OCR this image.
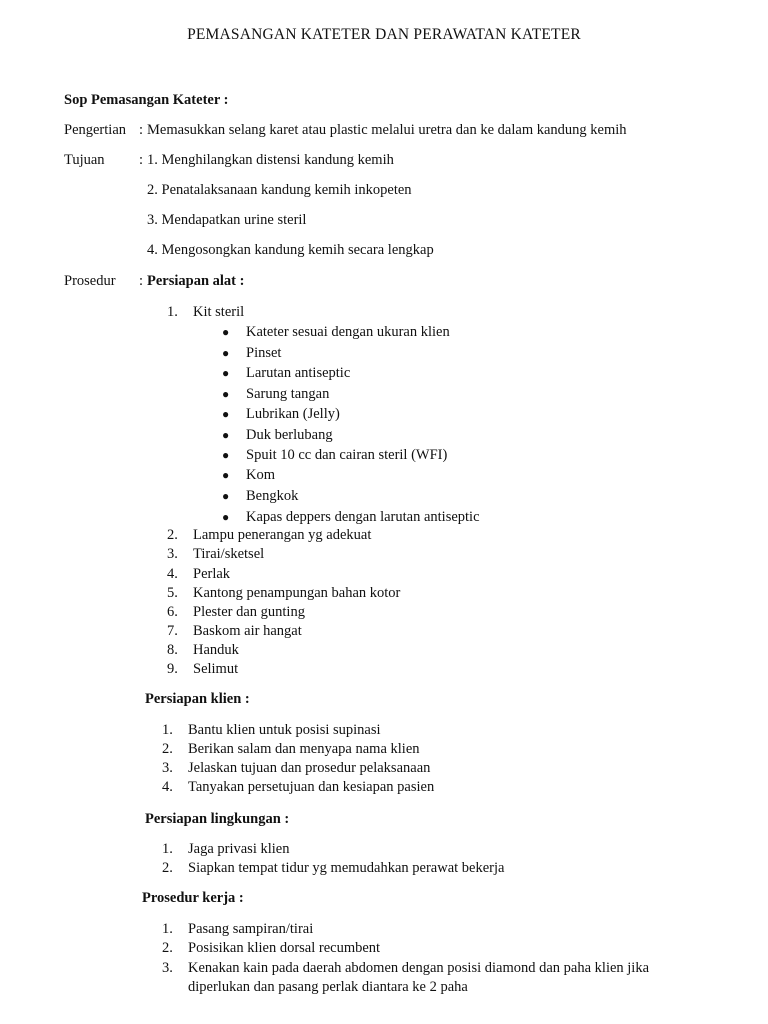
PEMASANGAN KATETER DAN PERAWATAN KATETER
Sop Pemasangan Kateter :
Pengertian : Memasukkan selang karet atau plastic melalui uretra dan ke dalam kandung kemih
Tujuan : 1. Menghilangkan distensi kandung kemih
2. Penatalaksanaan kandung kemih inkopeten
3. Mendapatkan urine steril
4. Mengosongkan kandung kemih secara lengkap
Prosedur : Persiapan alat :
1. Kit steril
● Kateter sesuai dengan ukuran klien
● Pinset
● Larutan antiseptic
● Sarung tangan
● Lubrikan (Jelly)
● Duk berlubang
● Spuit 10 cc dan cairan steril (WFI)
● Kom
● Bengkok
● Kapas deppers dengan larutan antiseptic
2. Lampu penerangan yg adekuat
3. Tirai/sketsel
4. Perlak
5. Kantong penampungan bahan kotor
6. Plester dan gunting
7. Baskom air hangat
8. Handuk
9. Selimut
Persiapan klien :
1. Bantu klien untuk posisi supinasi
2. Berikan salam dan menyapa nama klien
3. Jelaskan tujuan dan prosedur pelaksanaan
4. Tanyakan persetujuan dan kesiapan pasien
Persiapan lingkungan :
1. Jaga privasi klien
2. Siapkan tempat tidur yg memudahkan perawat bekerja
Prosedur kerja :
1. Pasang sampiran/tirai
2. Posisikan klien dorsal recumbent
3. Kenakan kain pada daerah abdomen dengan posisi diamond dan paha klien jika
diperlukan dan pasang perlak diantara ke 2 paha
